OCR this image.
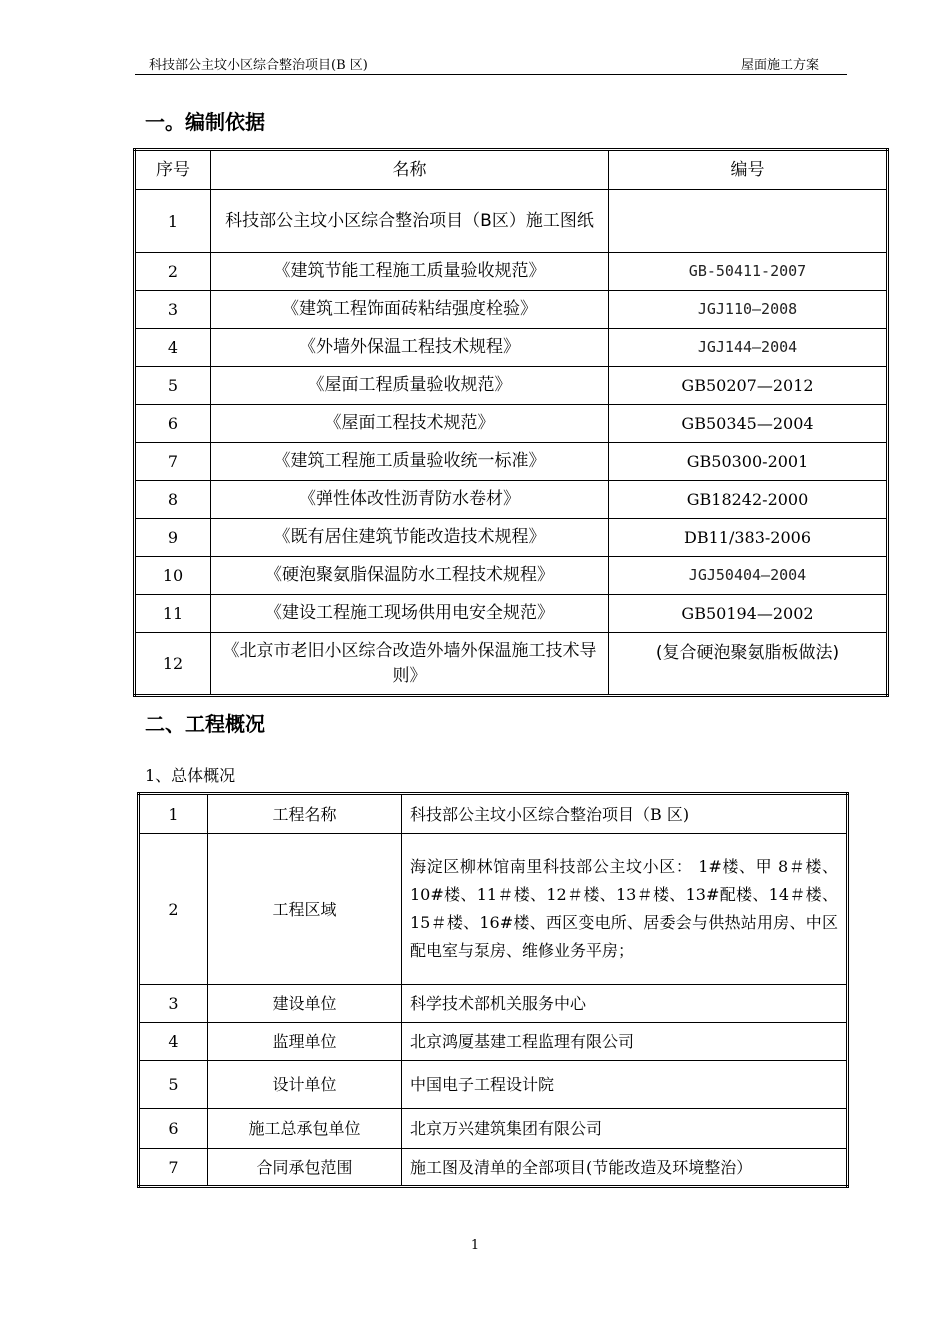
科技部公主坟小区综合整治项目(B 区)	屋面施工方案
一。编制依据
序号	名称	编号
1	科技部公主坟小区综合整治项目（B区）施工图纸	
2	《建筑节能工程施工质量验收规范》	GB-50411-2007
3	《建筑工程饰面砖粘结强度栓验》	JGJ110—2008
4	《外墙外保温工程技术规程》	JGJ144—2004
5	《屋面工程质量验收规范》	GB50207—2012
6	《屋面工程技术规范》	GB50345—2004
7	《建筑工程施工质量验收统一标准》	GB50300-2001
8	《弹性体改性沥青防水卷材》	GB18242-2000
9	《既有居住建筑节能改造技术规程》	DB11/383-2006
10	《硬泡聚氨脂保温防水工程技术规程》	JGJ50404—2004
11	《建设工程施工现场供用电安全规范》	GB50194—2002
12	《北京市老旧小区综合改造外墙外保温施工技术导则》	(复合硬泡聚氨脂板做法)
二、工程概况
1、总体概况
1	工程名称	科技部公主坟小区综合整治项目（B 区)
2	工程区域	海淀区柳林馆南里科技部公主坟小区： 1#楼、甲 8＃楼、10#楼、11＃楼、12＃楼、13＃楼、13#配楼、14＃楼、15＃楼、16#楼、西区变电所、居委会与供热站用房、中区配电室与泵房、维修业务平房；
3	建设单位	科学技术部机关服务中心
4	监理单位	北京鸿厦基建工程监理有限公司
5	设计单位	中国电子工程设计院
6	施工总承包单位	北京万兴建筑集团有限公司
7	合同承包范围	施工图及清单的全部项目(节能改造及环境整治）
1
